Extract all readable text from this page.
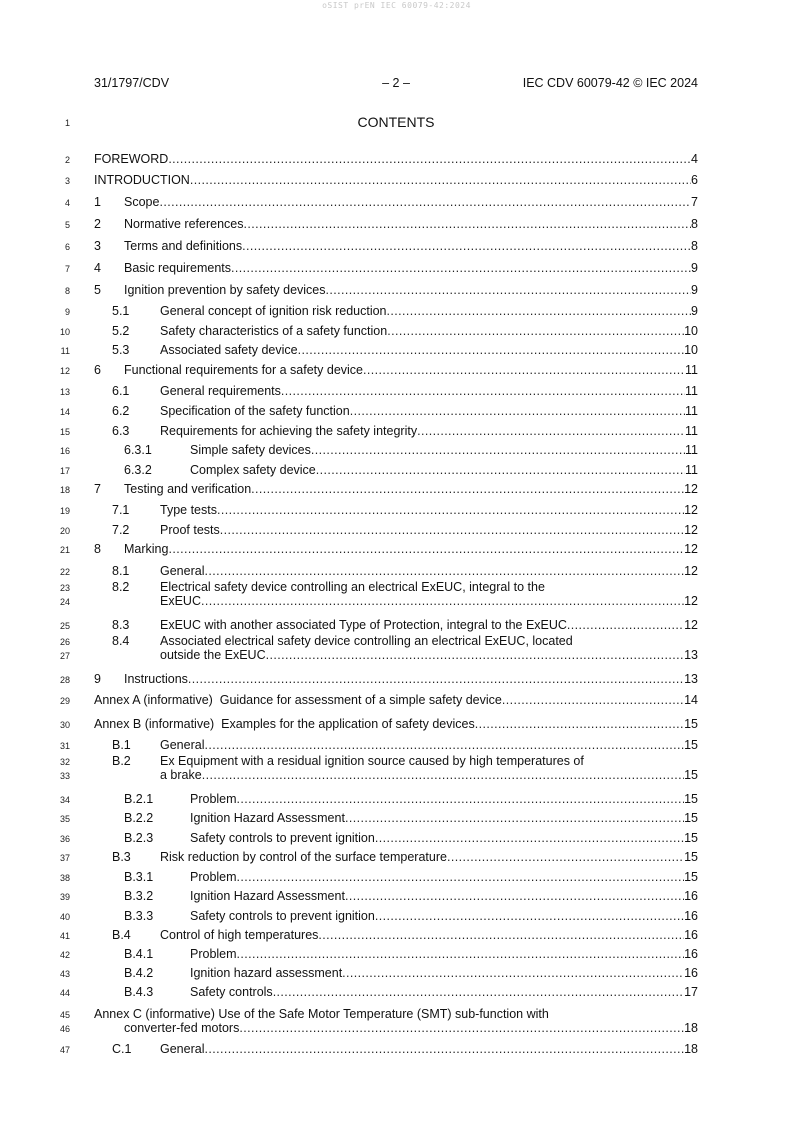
oSIST prEN IEC 60079-42:2024
31/1797/CDV	– 2 –	IEC CDV 60079-42 © IEC 2024
1	CONTENTS
2 FOREWORD .....	4
3 INTRODUCTION .....	6
4 1 Scope .....	7
5 2 Normative references .....	8
6 3 Terms and definitions .....	8
7 4 Basic requirements .....	9
8 5 Ignition prevention by safety devices .....	9
9	5.1 General concept of ignition risk reduction .....	9
10	5.2 Safety characteristics of a safety function .....	10
11	5.3 Associated safety device .....	10
12 6 Functional requirements for a safety device .....	11
13	6.1 General requirements .....	11
14	6.2 Specification of the safety function .....	11
15	6.3 Requirements for achieving the safety integrity .....	11
16	6.3.1	Simple safety devices .....	11
17	6.3.2	Complex safety device .....	11
18 7 Testing and verification .....	12
19	7.1 Type tests .....	12
20	7.2 Proof tests .....	12
21 8 Marking .....	12
22	8.1 General .....	12
23
24
8.2 Electrical safety device controlling an electrical ExEUC, integral to the
ExEUC .....	12
25	8.3 ExEUC with another associated Type of Protection, integral to the ExEUC .....	12
26
27
8.4 Associated electrical safety device controlling an electrical ExEUC, located
outside the ExEUC .....	13
28 9 Instructions .....	13
29 Annex A (informative)  Guidance for assessment of a simple safety device .....	14
30 Annex B (informative)  Examples for the application of safety devices .....	15
31	B.1 General .....	15
32
33
B.2 Ex Equipment with a residual ignition source caused by high temperatures of
a brake .....	15
34	B.2.1	Problem .....	15
35	B.2.2	Ignition Hazard Assessment .....	15
36	B.2.3	Safety controls to prevent ignition .....	15
37	B.3 Risk reduction by control of the surface temperature .....	15
38	B.3.1	Problem .....	15
39	B.3.2	Ignition Hazard Assessment .....	16
40	B.3.3	Safety controls to prevent ignition .....	16
41	B.4 Control of high temperatures .....	16
42	B.4.1	Problem .....	16
43	B.4.2	Ignition hazard assessment .....	16
44	B.4.3	Safety controls .....	17
45
46
Annex C (informative) Use of the Safe Motor Temperature (SMT) sub-function with
converter-fed motors .....	18
47	C.1 General .....	18
